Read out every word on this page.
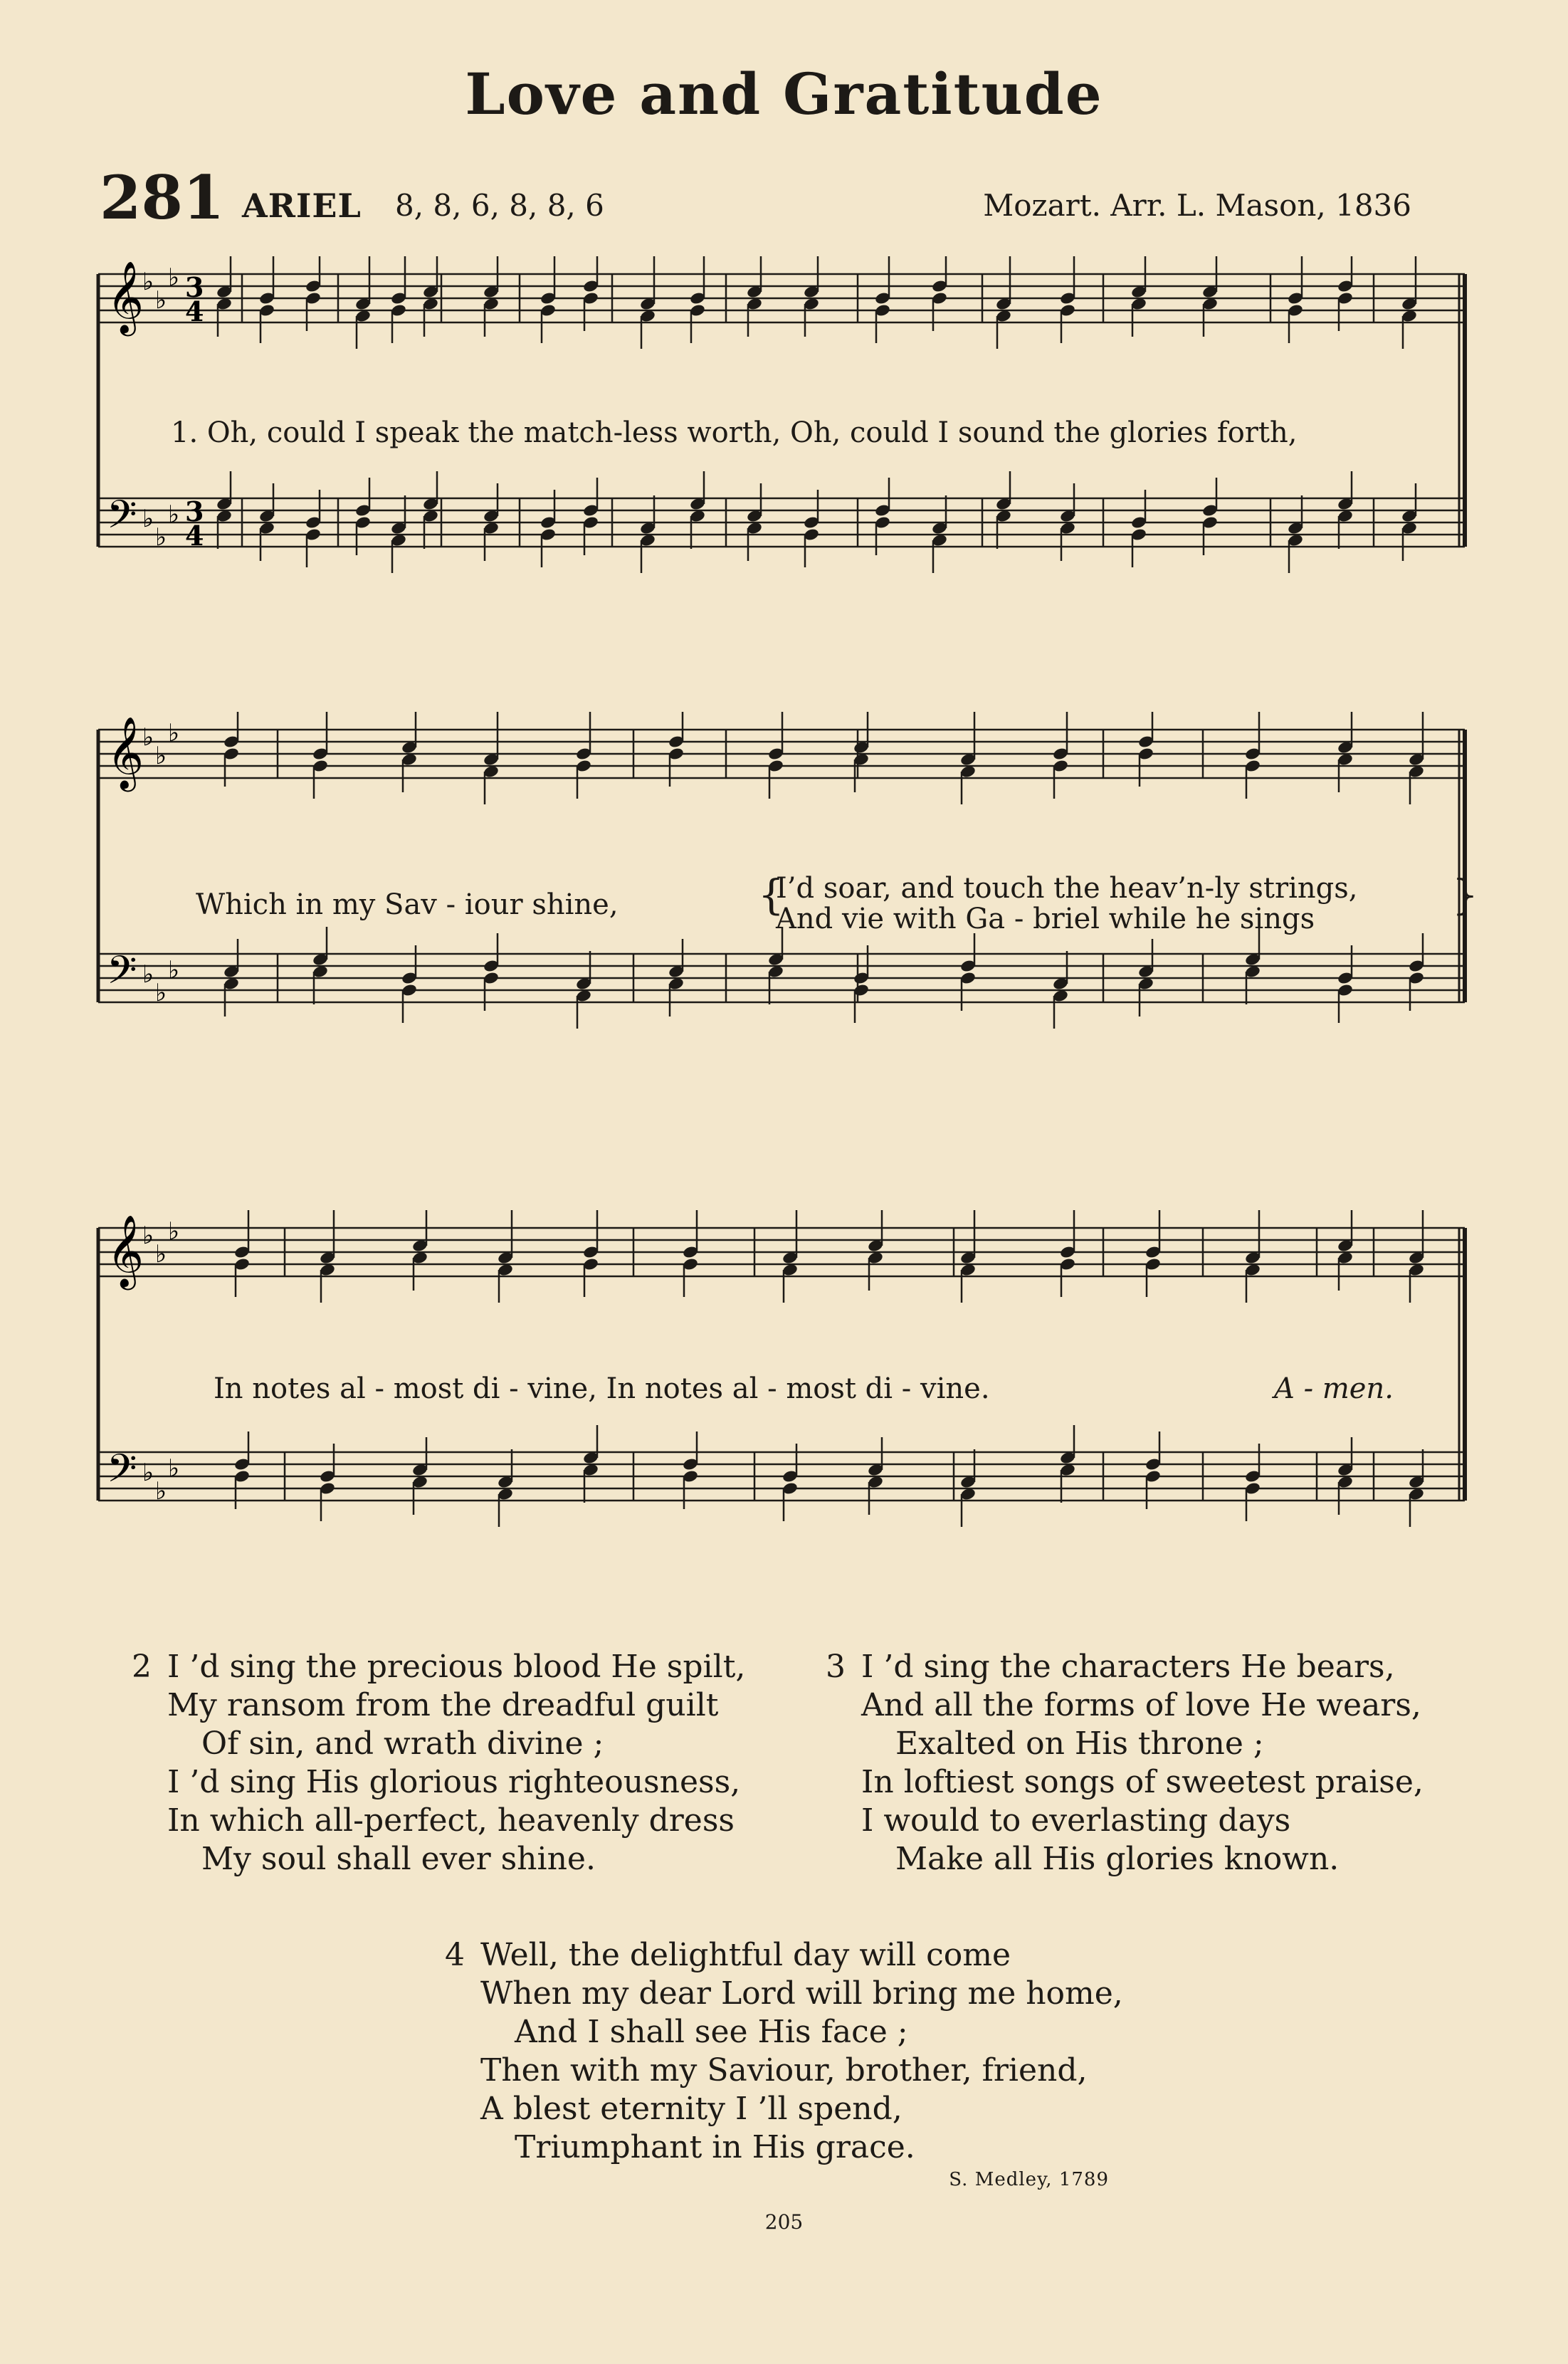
Love and Gratitude
281 ARIEL 8, 8, 6, 8, 8, 6	Mozart. Arr. L. Mason, 1836
𝄞
𝄢
♭
♭
♭
♭
♭
♭
3
4
3
4
1. Oh, could I speak the match-less worth, Oh, could I sound the glories forth,
𝄞
𝄢
♭
♭
♭
♭
♭
♭
Which in my Sav - iour shine,	{	}
I’d soar, and touch the heav’n-ly strings,
And vie with Ga - briel while he sings
𝄞
𝄢
♭
♭
♭
♭
♭
♭
In notes al - most di - vine, In notes al - most di - vine.	A - men.
2 I ’d sing the precious blood He spilt,
My ransom from the dreadful guilt
Of sin, and wrath divine ;
I ’d sing His glorious righteousness,
In which all-perfect, heavenly dress
My soul shall ever shine.
3 I ’d sing the characters He bears,
And all the forms of love He wears,
Exalted on His throne ;
In loftiest songs of sweetest praise,
I would to everlasting days
Make all His glories known.
4 Well, the delightful day will come
When my dear Lord will bring me home,
And I shall see His face ;
Then with my Saviour, brother, friend,
A blest eternity I ’ll spend,
Triumphant in His grace.
S. Medley, 1789
205
